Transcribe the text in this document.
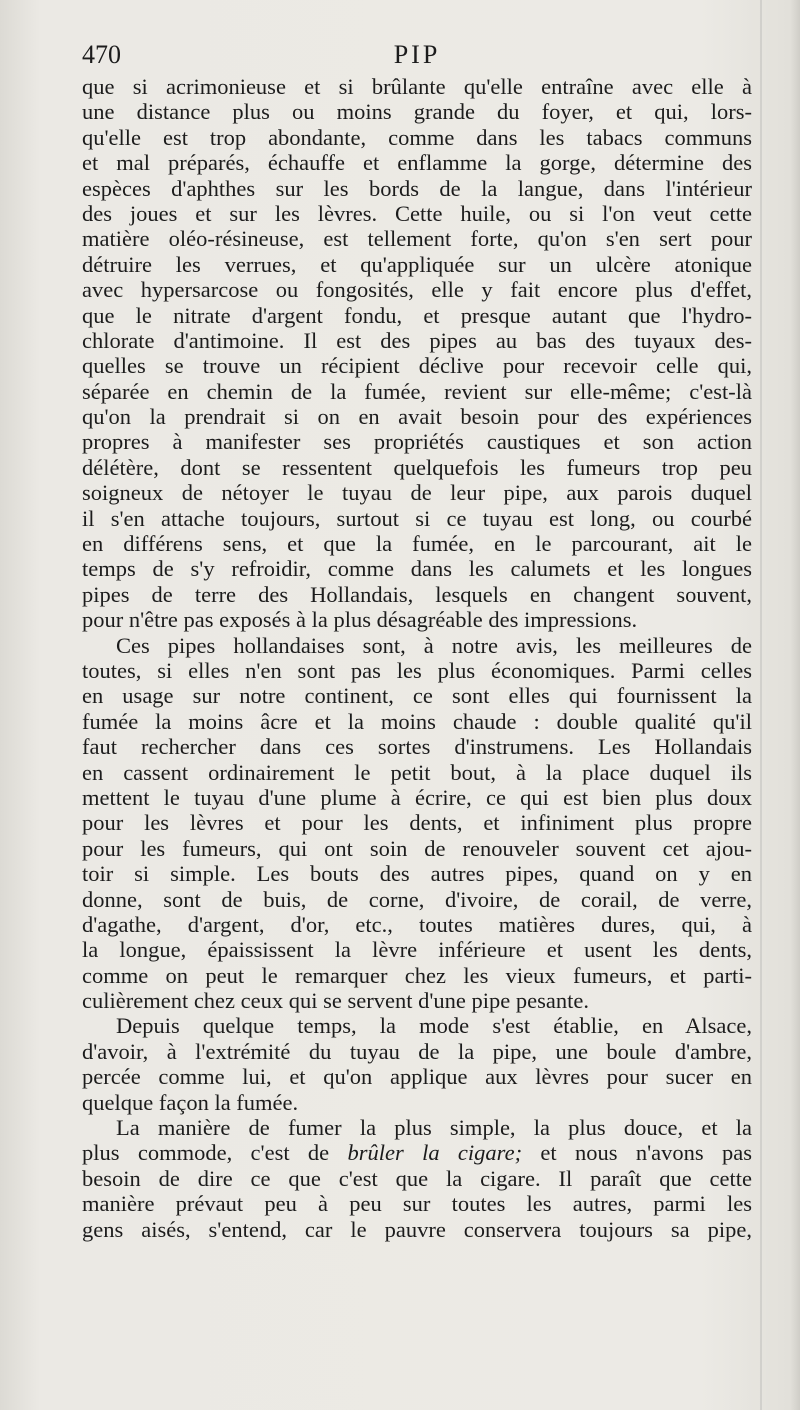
470	PIP
que si acrimonieuse et si brûlante qu'elle entraîne avec elle à
une distance plus ou moins grande du foyer, et qui, lors-
qu'elle est trop abondante, comme dans les tabacs communs
et mal préparés, échauffe et enflamme la gorge, détermine des
espèces d'aphthes sur les bords de la langue, dans l'intérieur
des joues et sur les lèvres. Cette huile, ou si l'on veut cette
matière oléo-résineuse, est tellement forte, qu'on s'en sert pour
détruire les verrues, et qu'appliquée sur un ulcère atonique
avec hypersarcose ou fongosités, elle y fait encore plus d'effet,
que le nitrate d'argent fondu, et presque autant que l'hydro-
chlorate d'antimoine. Il est des pipes au bas des tuyaux des-
quelles se trouve un récipient déclive pour recevoir celle qui,
séparée en chemin de la fumée, revient sur elle-même; c'est-là
qu'on la prendrait si on en avait besoin pour des expériences
propres à manifester ses propriétés caustiques et son action
délétère, dont se ressentent quelquefois les fumeurs trop peu
soigneux de nétoyer le tuyau de leur pipe, aux parois duquel
il s'en attache toujours, surtout si ce tuyau est long, ou courbé
en différens sens, et que la fumée, en le parcourant, ait le
temps de s'y refroidir, comme dans les calumets et les longues
pipes de terre des Hollandais, lesquels en changent souvent,
pour n'être pas exposés à la plus désagréable des impressions.
Ces pipes hollandaises sont, à notre avis, les meilleures de
toutes, si elles n'en sont pas les plus économiques. Parmi celles
en usage sur notre continent, ce sont elles qui fournissent la
fumée la moins âcre et la moins chaude : double qualité qu'il
faut rechercher dans ces sortes d'instrumens. Les Hollandais
en cassent ordinairement le petit bout, à la place duquel ils
mettent le tuyau d'une plume à écrire, ce qui est bien plus doux
pour les lèvres et pour les dents, et infiniment plus propre
pour les fumeurs, qui ont soin de renouveler souvent cet ajou-
toir si simple. Les bouts des autres pipes, quand on y en
donne, sont de buis, de corne, d'ivoire, de corail, de verre,
d'agathe, d'argent, d'or, etc., toutes matières dures, qui, à
la longue, épaississent la lèvre inférieure et usent les dents,
comme on peut le remarquer chez les vieux fumeurs, et parti-
culièrement chez ceux qui se servent d'une pipe pesante.
Depuis quelque temps, la mode s'est établie, en Alsace,
d'avoir, à l'extrémité du tuyau de la pipe, une boule d'ambre,
percée comme lui, et qu'on applique aux lèvres pour sucer en
quelque façon la fumée.
La manière de fumer la plus simple, la plus douce, et la
plus commode, c'est de brûler la cigare; et nous n'avons pas
besoin de dire ce que c'est que la cigare. Il paraît que cette
manière prévaut peu à peu sur toutes les autres, parmi les
gens aisés, s'entend, car le pauvre conservera toujours sa pipe,
